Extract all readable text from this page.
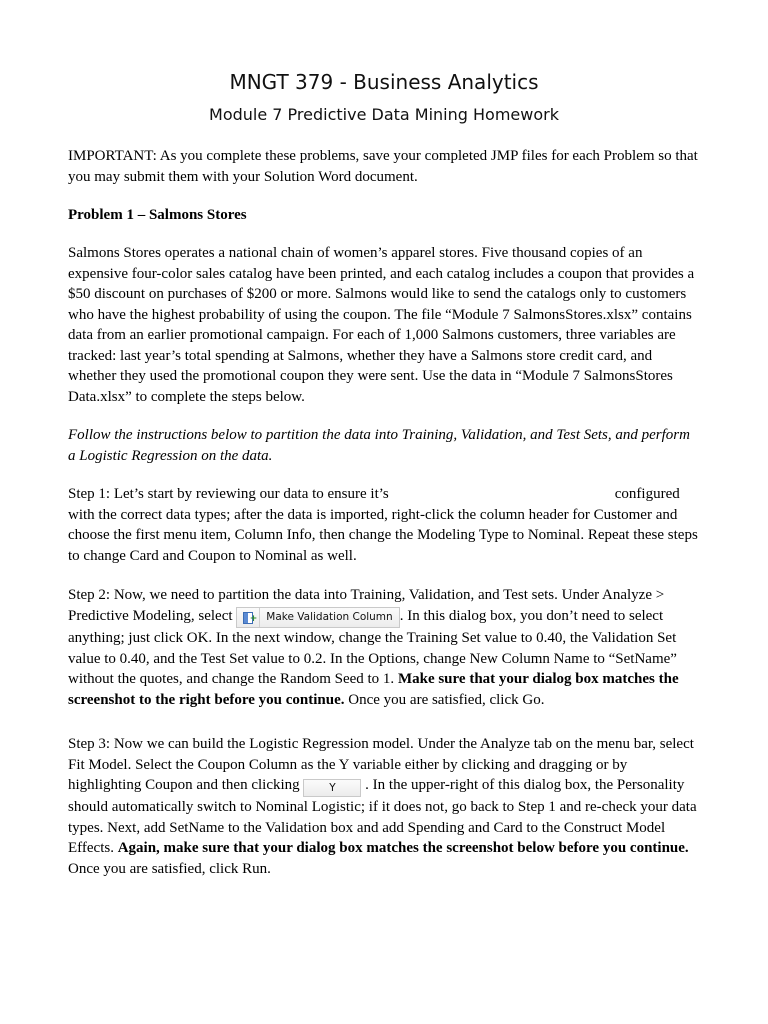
MNGT 379 - Business Analytics
Module 7 Predictive Data Mining Homework

IMPORTANT: As you complete these problems, save your completed JMP files for each Problem so that you may submit them with your Solution Word document.

Problem 1 – Salmons Stores

Salmons Stores operates a national chain of women’s apparel stores. Five thousand copies of an expensive four-color sales catalog have been printed, and each catalog includes a coupon that provides a $50 discount on purchases of $200 or more. Salmons would like to send the catalogs only to customers who have the highest probability of using the coupon. The file “Module 7 SalmonsStores.xlsx” contains data from an earlier promotional campaign. For each of 1,000 Salmons customers, three variables are tracked: last year’s total spending at Salmons, whether they have a Salmons store credit card, and whether they used the promotional coupon they were sent. Use the data in “Module 7 SalmonsStores Data.xlsx” to complete the steps below.

Follow the instructions below to partition the data into Training, Validation, and Test Sets, and perform a Logistic Regression on the data.

Step 1: Let’s start by reviewing our data to ensure it’s	configured with the correct data types; after the data is imported, right-click the column header for Customer and choose the first menu item, Column Info, then change the Modeling Type to Nominal. Repeat these steps to change Card and Coupon to Nominal as well.

Step 2: Now, we need to partition the data into Training, Validation, and Test sets. Under Analyze > Predictive Modeling, select + Make Validation Column . In this dialog box, you don’t need to select anything; just click OK. In the next window, change the Training Set value to 0.40, the Validation Set value to 0.40, and the Test Set value to 0.2. In the Options, change New Column Name to “SetName” without the quotes, and change the Random Seed to 1. Make sure that your dialog box matches the screenshot to the right before you continue. Once you are satisfied, click Go.

Step 3: Now we can build the Logistic Regression model. Under the Analyze tab on the menu bar, select Fit Model. Select the Coupon Column as the Y variable either by clicking and dragging or by highlighting Coupon and then clicking	Y . In the upper-right of this dialog box, the Personality should automatically switch to Nominal Logistic; if it does not, go back to Step 1 and re-check your data types. Next, add SetName to the Validation box and add Spending and Card to the Construct Model Effects. Again, make sure that your dialog box matches the screenshot below before you continue. Once you are satisfied, click Run.
